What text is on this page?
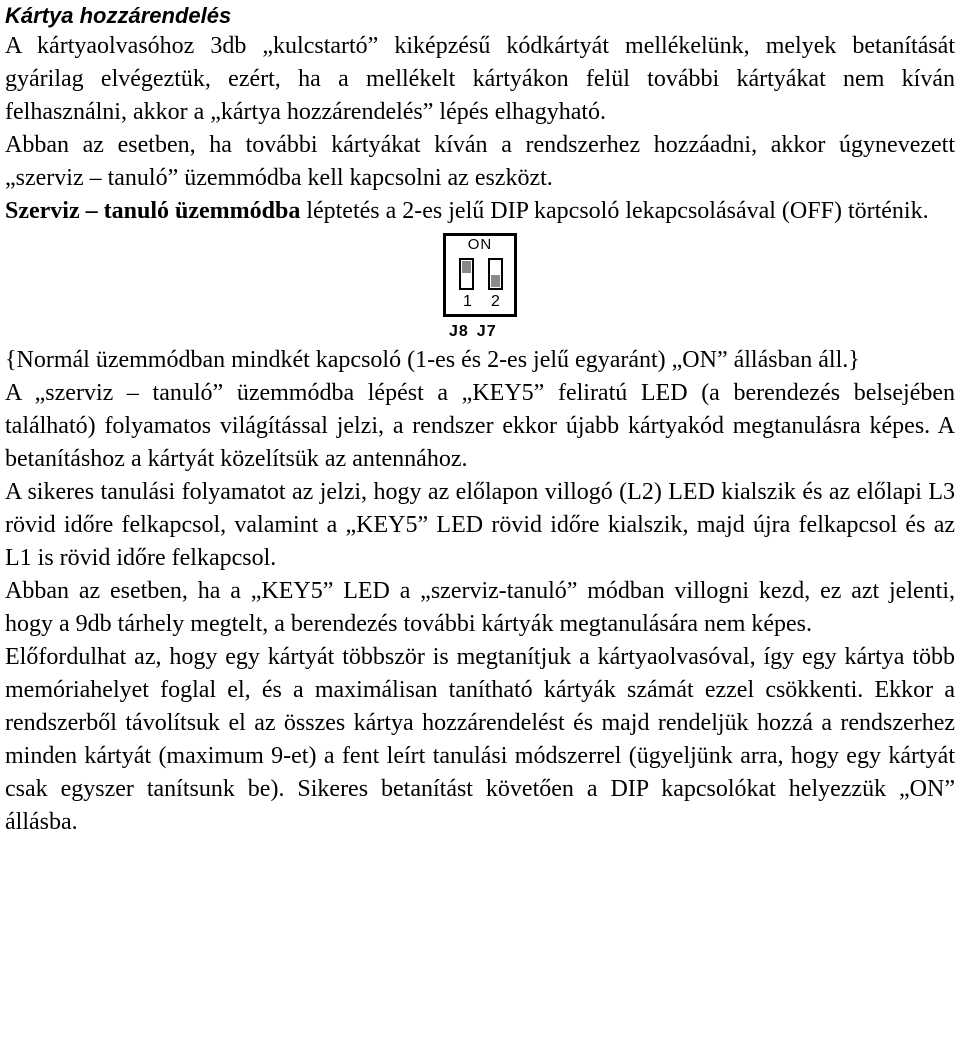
Kártya hozzárendelés

A kártyaolvasóhoz 3db „kulcstartó” kiképzésű kódkártyát mellékelünk, melyek betanítását gyárilag elvégeztük, ezért, ha a mellékelt kártyákon felül további kártyákat nem kíván felhasználni, akkor a „kártya hozzárendelés” lépés elhagyható.

Abban az esetben, ha további kártyákat kíván a rendszerhez hozzáadni, akkor úgynevezett „szerviz – tanuló” üzemmódba kell kapcsolni az eszközt.

Szerviz – tanuló üzemmódba léptetés a 2-es jelű DIP kapcsoló lekapcsolásával (OFF) történik.

ON
1 2
J8 J7

{Normál üzemmódban mindkét kapcsoló (1-es és 2-es jelű egyaránt) „ON” állásban áll.}

A „szerviz – tanuló” üzemmódba lépést a „KEY5” feliratú LED (a berendezés belsejében található) folyamatos világítással jelzi, a rendszer ekkor újabb kártyakód megtanulásra képes. A betanításhoz a kártyát közelítsük az antennához.

A sikeres tanulási folyamatot az jelzi, hogy az előlapon villogó (L2) LED kialszik és az előlapi L3 rövid időre felkapcsol, valamint a „KEY5” LED rövid időre kialszik, majd újra felkapcsol és az L1 is rövid időre felkapcsol.

Abban az esetben, ha a „KEY5” LED a „szerviz-tanuló” módban villogni kezd, ez azt jelenti, hogy a 9db tárhely megtelt, a berendezés további kártyák megtanulására nem képes.

Előfordulhat az, hogy egy kártyát többször is megtanítjuk a kártyaolvasóval, így egy kártya több memóriahelyet foglal el, és a maximálisan tanítható kártyák számát ezzel csökkenti. Ekkor a rendszerből távolítsuk el az összes kártya hozzárendelést és majd rendeljük hozzá a rendszerhez minden kártyát (maximum 9-et) a fent leírt tanulási módszerrel (ügyeljünk arra, hogy egy kártyát csak egyszer tanítsunk be). Sikeres betanítást követően a DIP kapcsolókat helyezzük „ON” állásba.
